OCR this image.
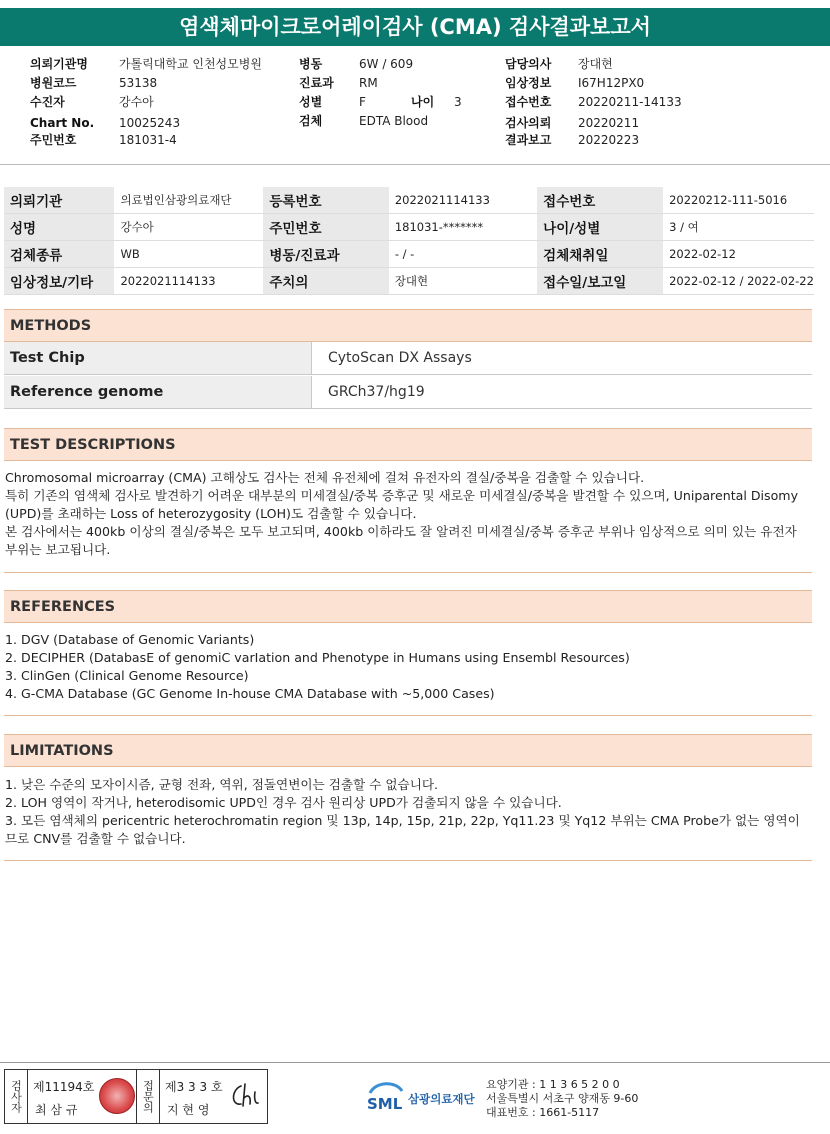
염색체마이크로어레이검사 (CMA) 검사결과보고서
의뢰기관명	가톨릭대학교 인천성모병원
병원코드	53138
수진자	강수아
Chart No. 10025243
주민번호	181031-4
병동	6W / 609
진료과 RM
성별	F	나이 3
검체	EDTA Blood
담당의사 장대현
임상정보 I67H12PX0
접수번호 20220211-14133
검사의뢰 20220211
결과보고 20220223
의뢰기관	의료법인삼광의료재단	등록번호	2022021114133	접수번호	20220212-111-5016
성명	강수아	주민번호	181031-*******	나이/성별	3 / 여
검체종류	WB	병동/진료과	- / -	검체채취일	2022-02-12
임상정보/기타	2022021114133	주치의	장대현	접수일/보고일	2022-02-12 / 2022-02-22
METHODS
Test Chip	CytoScan DX Assays
Reference genome	GRCh37/hg19
TEST DESCRIPTIONS

Chromosomal microarray (CMA) 고해상도 검사는 전체 유전체에 걸쳐 유전자의 결실/중복을 검출할 수 있습니다.

특히 기존의 염색체 검사로 발견하기 어려운 대부분의 미세결실/중복 증후군 및 새로운 미세결실/중복을 발견할 수 있으며, Uniparental Disomy (UPD)를 초래하는 Loss of heterozygosity (LOH)도 검출할 수 있습니다.

본 검사에서는 400kb 이상의 결실/중복은 모두 보고되며, 400kb 이하라도 잘 알려진 미세결실/중복 증후군 부위나 임상적으로 의미 있는 유전자 부위는 보고됩니다.

REFERENCES

1. DGV (Database of Genomic Variants)

2. DECIPHER (DatabasE of genomiC varIation and Phenotype in Humans using Ensembl Resources)

3. ClinGen (Clinical Genome Resource)

4. G-CMA Database (GC Genome In-house CMA Database with ~5,000 Cases)

LIMITATIONS

1. 낮은 수준의 모자이시즘, 균형 전좌, 역위, 점돌연변이는 검출할 수 없습니다.

2. LOH 영역이 작거나, heterodisomic UPD인 경우 검사 원리상 UPD가 검출되지 않을 수 있습니다.

3. 모든 염색체의 pericentric heterochromatin region 및 13p, 14p, 15p, 21p, 22p, Yq11.23 및 Yq12 부위는 CMA Probe가 없는 영역이므로 CNV를 검출할 수 없습니다.

검사자 제11194호
최 삼 규	접문의 제3 3 3 호
지 현 영	SML 삼광의료재단
요양기관 : 1 1 3 6 5 2 0 0
서울특별시 서초구 양재동 9-60
대표번호 : 1661-5117
